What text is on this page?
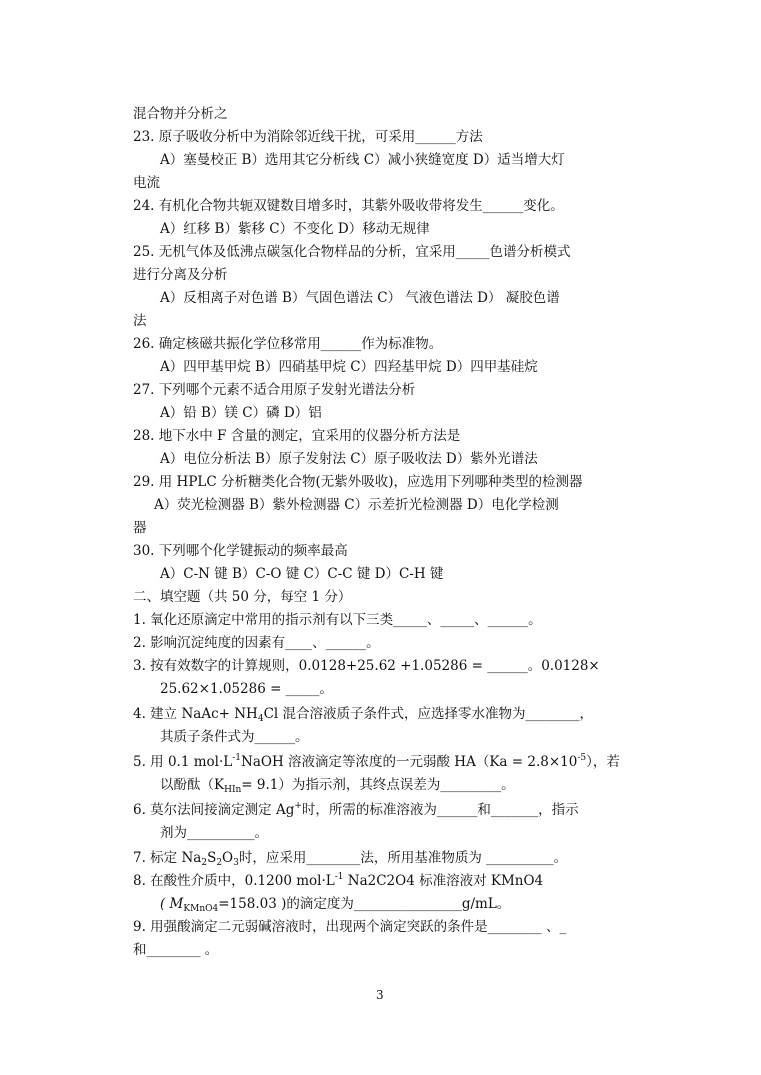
混合物并分析之
23. 原子吸收分析中为消除邻近线干扰，可采用______方法
A）塞曼校正 B）选用其它分析线 C）减小狭缝宽度 D）适当增大灯
电流
24. 有机化合物共轭双键数目增多时，其紫外吸收带将发生______变化。
A）红移 B）紫移 C）不变化 D）移动无规律
25. 无机气体及低沸点碳氢化合物样品的分析，宜采用_____色谱分析模式
进行分离及分析
A）反相离子对色谱 B）气固色谱法 C） 气液色谱法 D） 凝胶色谱
法
26. 确定核磁共振化学位移常用______作为标准物。
A）四甲基甲烷 B）四硝基甲烷 C）四羟基甲烷 D）四甲基硅烷
27. 下列哪个元素不适合用原子发射光谱法分析
A）铅 B）镁 C）磷 D）铝
28. 地下水中 F 含量的测定，宜采用的仪器分析方法是
A）电位分析法 B）原子发射法 C）原子吸收法 D）紫外光谱法
29. 用 HPLC 分析糖类化合物(无紫外吸收)，应选用下列哪种类型的检测器
A）荧光检测器 B）紫外检测器 C）示差折光检测器 D）电化学检测
器
30. 下列哪个化学键振动的频率最高
A）C-N 键 B）C-O 键 C）C-C 键 D）C-H 键
二、填空题（共 50 分，每空 1 分）
1. 氧化还原滴定中常用的指示剂有以下三类_____、_____、______。
2. 影响沉淀纯度的因素有____、______。
3. 按有效数字的计算规则，0.0128+25.62 +1.05286 = ______。0.0128×
25.62×1.05286 = _____。
4. 建立 NaAc+ $NH_4Cl$ 混合溶液质子条件式，应选择零水准物为________，
其质子条件式为______。
5. 用 0.1 $mol\cdot L^{-1}NaOH$ 溶液滴定等浓度的一元弱酸 $HA(Ka = 2.8\times 10^{-5})$，若
以酚酞$(K_{HIn}= 9.1)$为指示剂，其终点误差为_________。
6. 莫尔法间接滴定测定 Ag+时，所需的标准溶液为______和_______，指示
剂为__________。
7. 标定 $Na_2S_2O_3$时，应采用________法，所用基准物质为 __________。
8. 在酸性介质中，0.1200 $mol\cdot L^{-1}$ Na2C2O4 标准溶液对 KMnO4
( $M_{KMnO4}=158.03$ )的滴定度为________________g/mL。
9. 用强酸滴定二元弱碱溶液时，出现两个滴定突跃的条件是________ 、_
和________ 。
3
